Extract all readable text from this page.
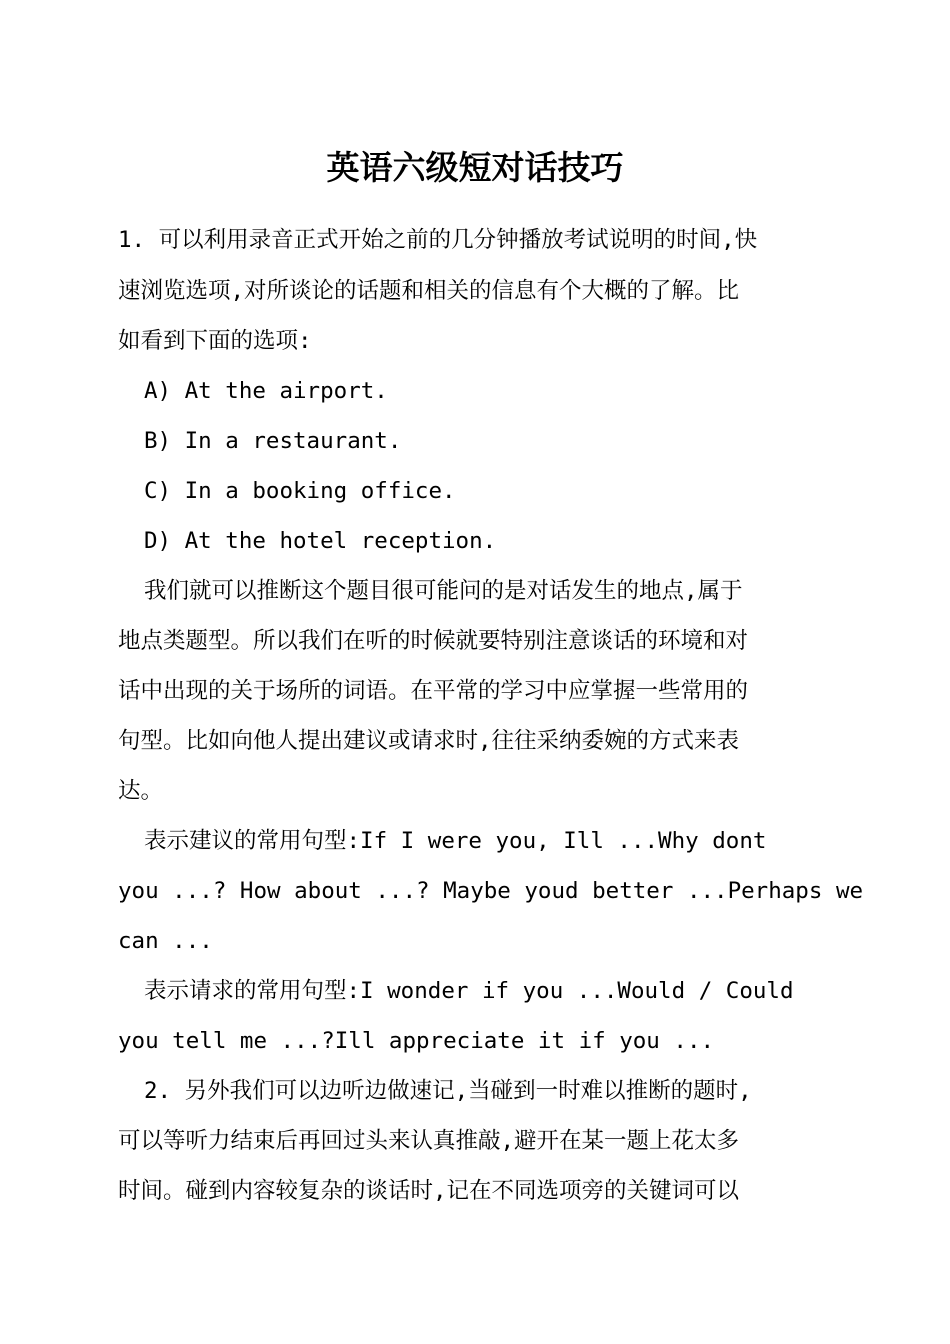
英语六级短对话技巧
1. 可以利用录音正式开始之前的几分钟播放考试说明的时间,快
速浏览选项,对所谈论的话题和相关的信息有个大概的了解。比
如看到下面的选项:
A) At the airport.
B) In a restaurant.
C) In a booking office.
D) At the hotel reception.
我们就可以推断这个题目很可能问的是对话发生的地点,属于
地点类题型。所以我们在听的时候就要特别注意谈话的环境和对
话中出现的关于场所的词语。在平常的学习中应掌握一些常用的
句型。比如向他人提出建议或请求时,往往采纳委婉的方式来表
达。
表示建议的常用句型:If I were you, Ill ...Why dont
you ...? How about ...? Maybe youd better ...Perhaps we
can ...
表示请求的常用句型:I wonder if you ...Would / Could
you tell me ...?Ill appreciate it if you ...
2. 另外我们可以边听边做速记,当碰到一时难以推断的题时,
可以等听力结束后再回过头来认真推敲,避开在某一题上花太多
时间。碰到内容较复杂的谈话时,记在不同选项旁的关键词可以
